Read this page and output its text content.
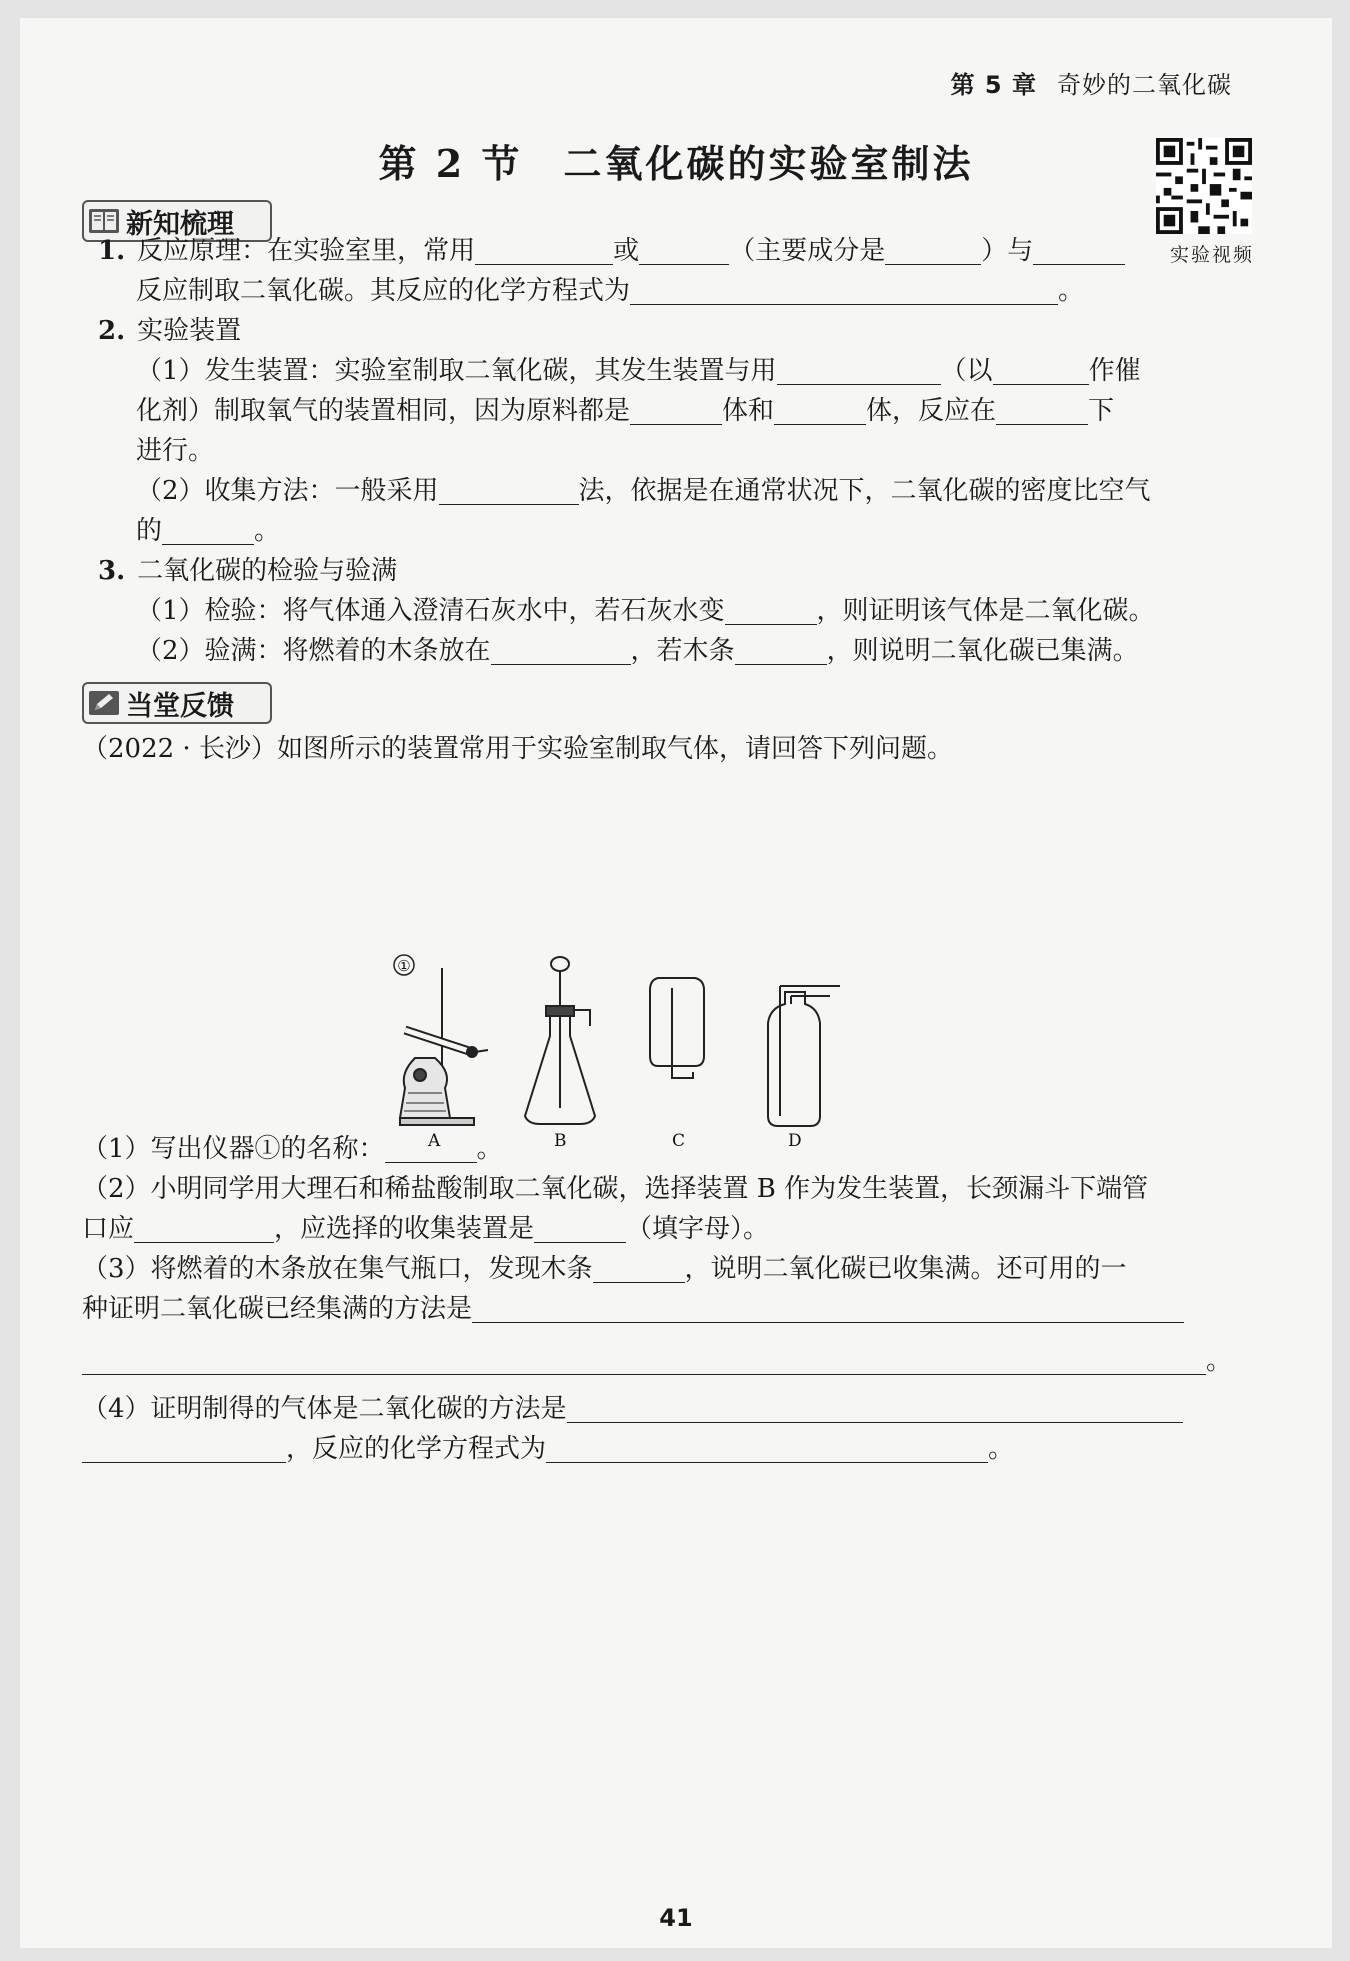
第 5 章 奇妙的二氧化碳
第 2 节　二氧化碳的实验室制法
实验视频
新知梳理
1. 反应原理：在实验室里，常用	或	（主要成分是	）与
反应制取二氧化碳。其反应的化学方程式为	。
2. 实验装置
（1）发生装置：实验室制取二氧化碳，其发生装置与用	（以	作催
化剂）制取氧气的装置相同，因为原料都是	体和	体，反应在	下
进行。
（2）收集方法：一般采用	法，依据是在通常状况下，二氧化碳的密度比空气
的	。
3. 二氧化碳的检验与验满
（1）检验：将气体通入澄清石灰水中，若石灰水变	，则证明该气体是二氧化碳。
（2）验满：将燃着的木条放在	，若木条	，则说明二氧化碳已集满。
当堂反馈
（2022 · 长沙）如图所示的装置常用于实验室制取气体，请回答下列问题。
①
A	B	C	D
（1）写出仪器①的名称：	。
（2）小明同学用大理石和稀盐酸制取二氧化碳，选择装置 B 作为发生装置，长颈漏斗下端管
口应	，应选择的收集装置是	（填字母）。
（3）将燃着的木条放在集气瓶口，发现木条	，说明二氧化碳已收集满。还可用的一
种证明二氧化碳已经集满的方法是
。
（4）证明制得的气体是二氧化碳的方法是
，反应的化学方程式为	。
41
